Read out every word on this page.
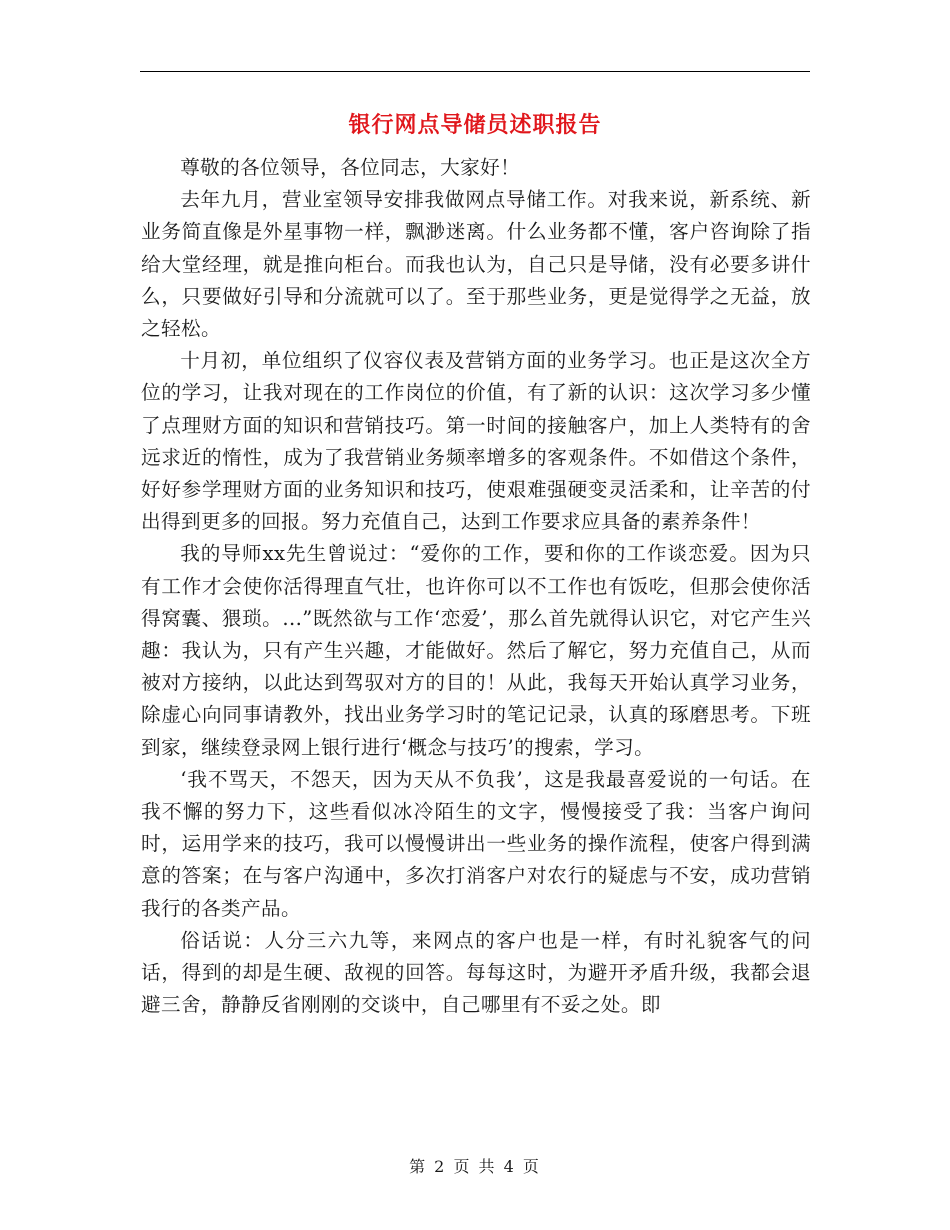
银行网点导储员述职报告

尊敬的各位领导，各位同志，大家好！

去年九月，营业室领导安排我做网点导储工作。对我来说，新系统、新业务简直像是外星事物一样，飘渺迷离。什么业务都不懂，客户咨询除了指给大堂经理，就是推向柜台。而我也认为，自己只是导储，没有必要多讲什么，只要做好引导和分流就可以了。至于那些业务，更是觉得学之无益，放之轻松。

十月初，单位组织了仪容仪表及营销方面的业务学习。也正是这次全方位的学习，让我对现在的工作岗位的价值，有了新的认识：这次学习多少懂了点理财方面的知识和营销技巧。第一时间的接触客户，加上人类特有的舍远求近的惰性，成为了我营销业务频率增多的客观条件。不如借这个条件，好好参学理财方面的业务知识和技巧，使艰难强硬变灵活柔和，让辛苦的付出得到更多的回报。努力充值自己，达到工作要求应具备的素养条件！

我的导师xx先生曾说过：“爱你的工作，要和你的工作谈恋爱。因为只有工作才会使你活得理直气壮，也许你可以不工作也有饭吃，但那会使你活得窝囊、猥琐。...”既然欲与工作‘恋爱’，那么首先就得认识它，对它产生兴趣：我认为，只有产生兴趣，才能做好。然后了解它，努力充值自己，从而被对方接纳，以此达到驾驭对方的目的！从此，我每天开始认真学习业务，除虚心向同事请教外，找出业务学习时的笔记记录，认真的琢磨思考。下班到家，继续登录网上银行进行‘概念与技巧’的搜索，学习。

‘我不骂天，不怨天，因为天从不负我’，这是我最喜爱说的一句话。在我不懈的努力下，这些看似冰冷陌生的文字，慢慢接受了我：当客户询问时，运用学来的技巧，我可以慢慢讲出一些业务的操作流程，使客户得到满意的答案；在与客户沟通中，多次打消客户对农行的疑虑与不安，成功营销我行的各类产品。

俗话说：人分三六九等，来网点的客户也是一样，有时礼貌客气的问话，得到的却是生硬、敌视的回答。每每这时，为避开矛盾升级，我都会退避三舍，静静反省刚刚的交谈中，自己哪里有不妥之处。即

第 2 页 共 4 页
